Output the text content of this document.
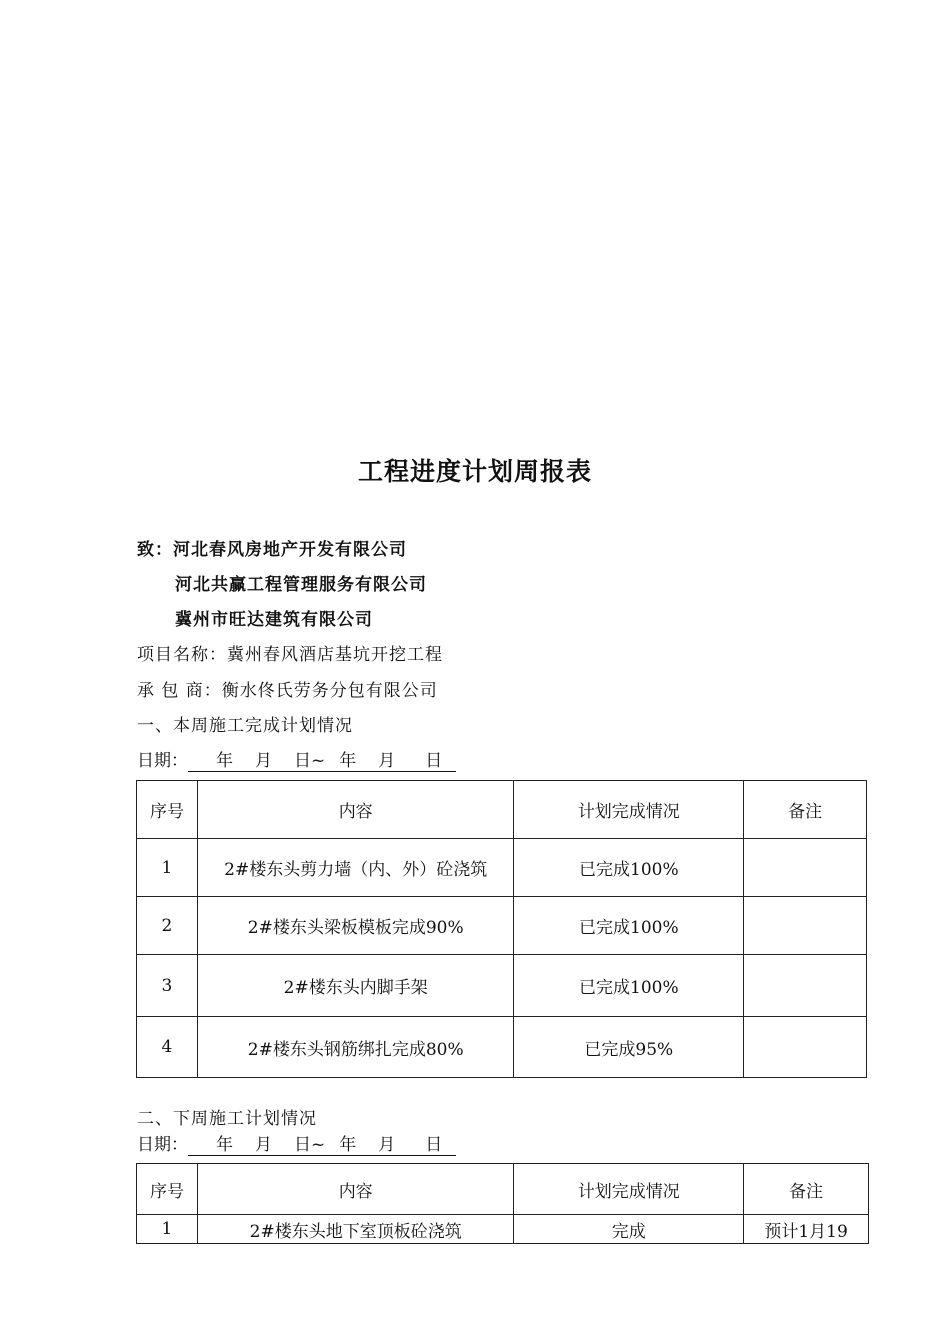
工程进度计划周报表
致：河北春风房地产开发有限公司
河北共赢工程管理服务有限公司
冀州市旺达建筑有限公司
项目名称：冀州春风酒店基坑开挖工程
承 包 商：衡水佟氏劳务分包有限公司
一、本周施工完成计划情况
日期： 年 月 日~ 年 月 日
序号	内容	计划完成情况	备注
1	2#楼东头剪力墙（内、外）砼浇筑	已完成100%	
2	2#楼东头梁板模板完成90%	已完成100%	
3	2#楼东头内脚手架	已完成100%	
4	2#楼东头钢筋绑扎完成80%	已完成95%	
二、下周施工计划情况
日期： 年 月 日~ 年 月 日
序号	内容	计划完成情况	备注
1	2#楼东头地下室顶板砼浇筑	完成	预计1月19
